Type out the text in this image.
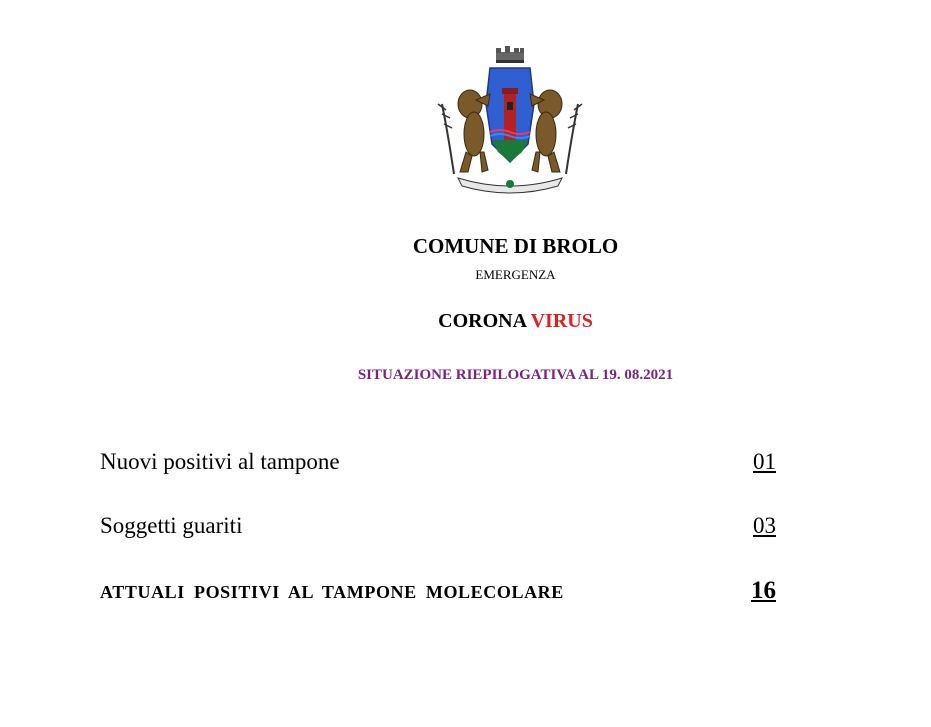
COMUNE DI BROLO
EMERGENZA
CORONA VIRUS
SITUAZIONE RIEPILOGATIVA AL 19. 08.2021
Nuovi positivi al tampone	01
Soggetti guariti	03
ATTUALI POSITIVI AL TAMPONE MOLECOLARE	16
